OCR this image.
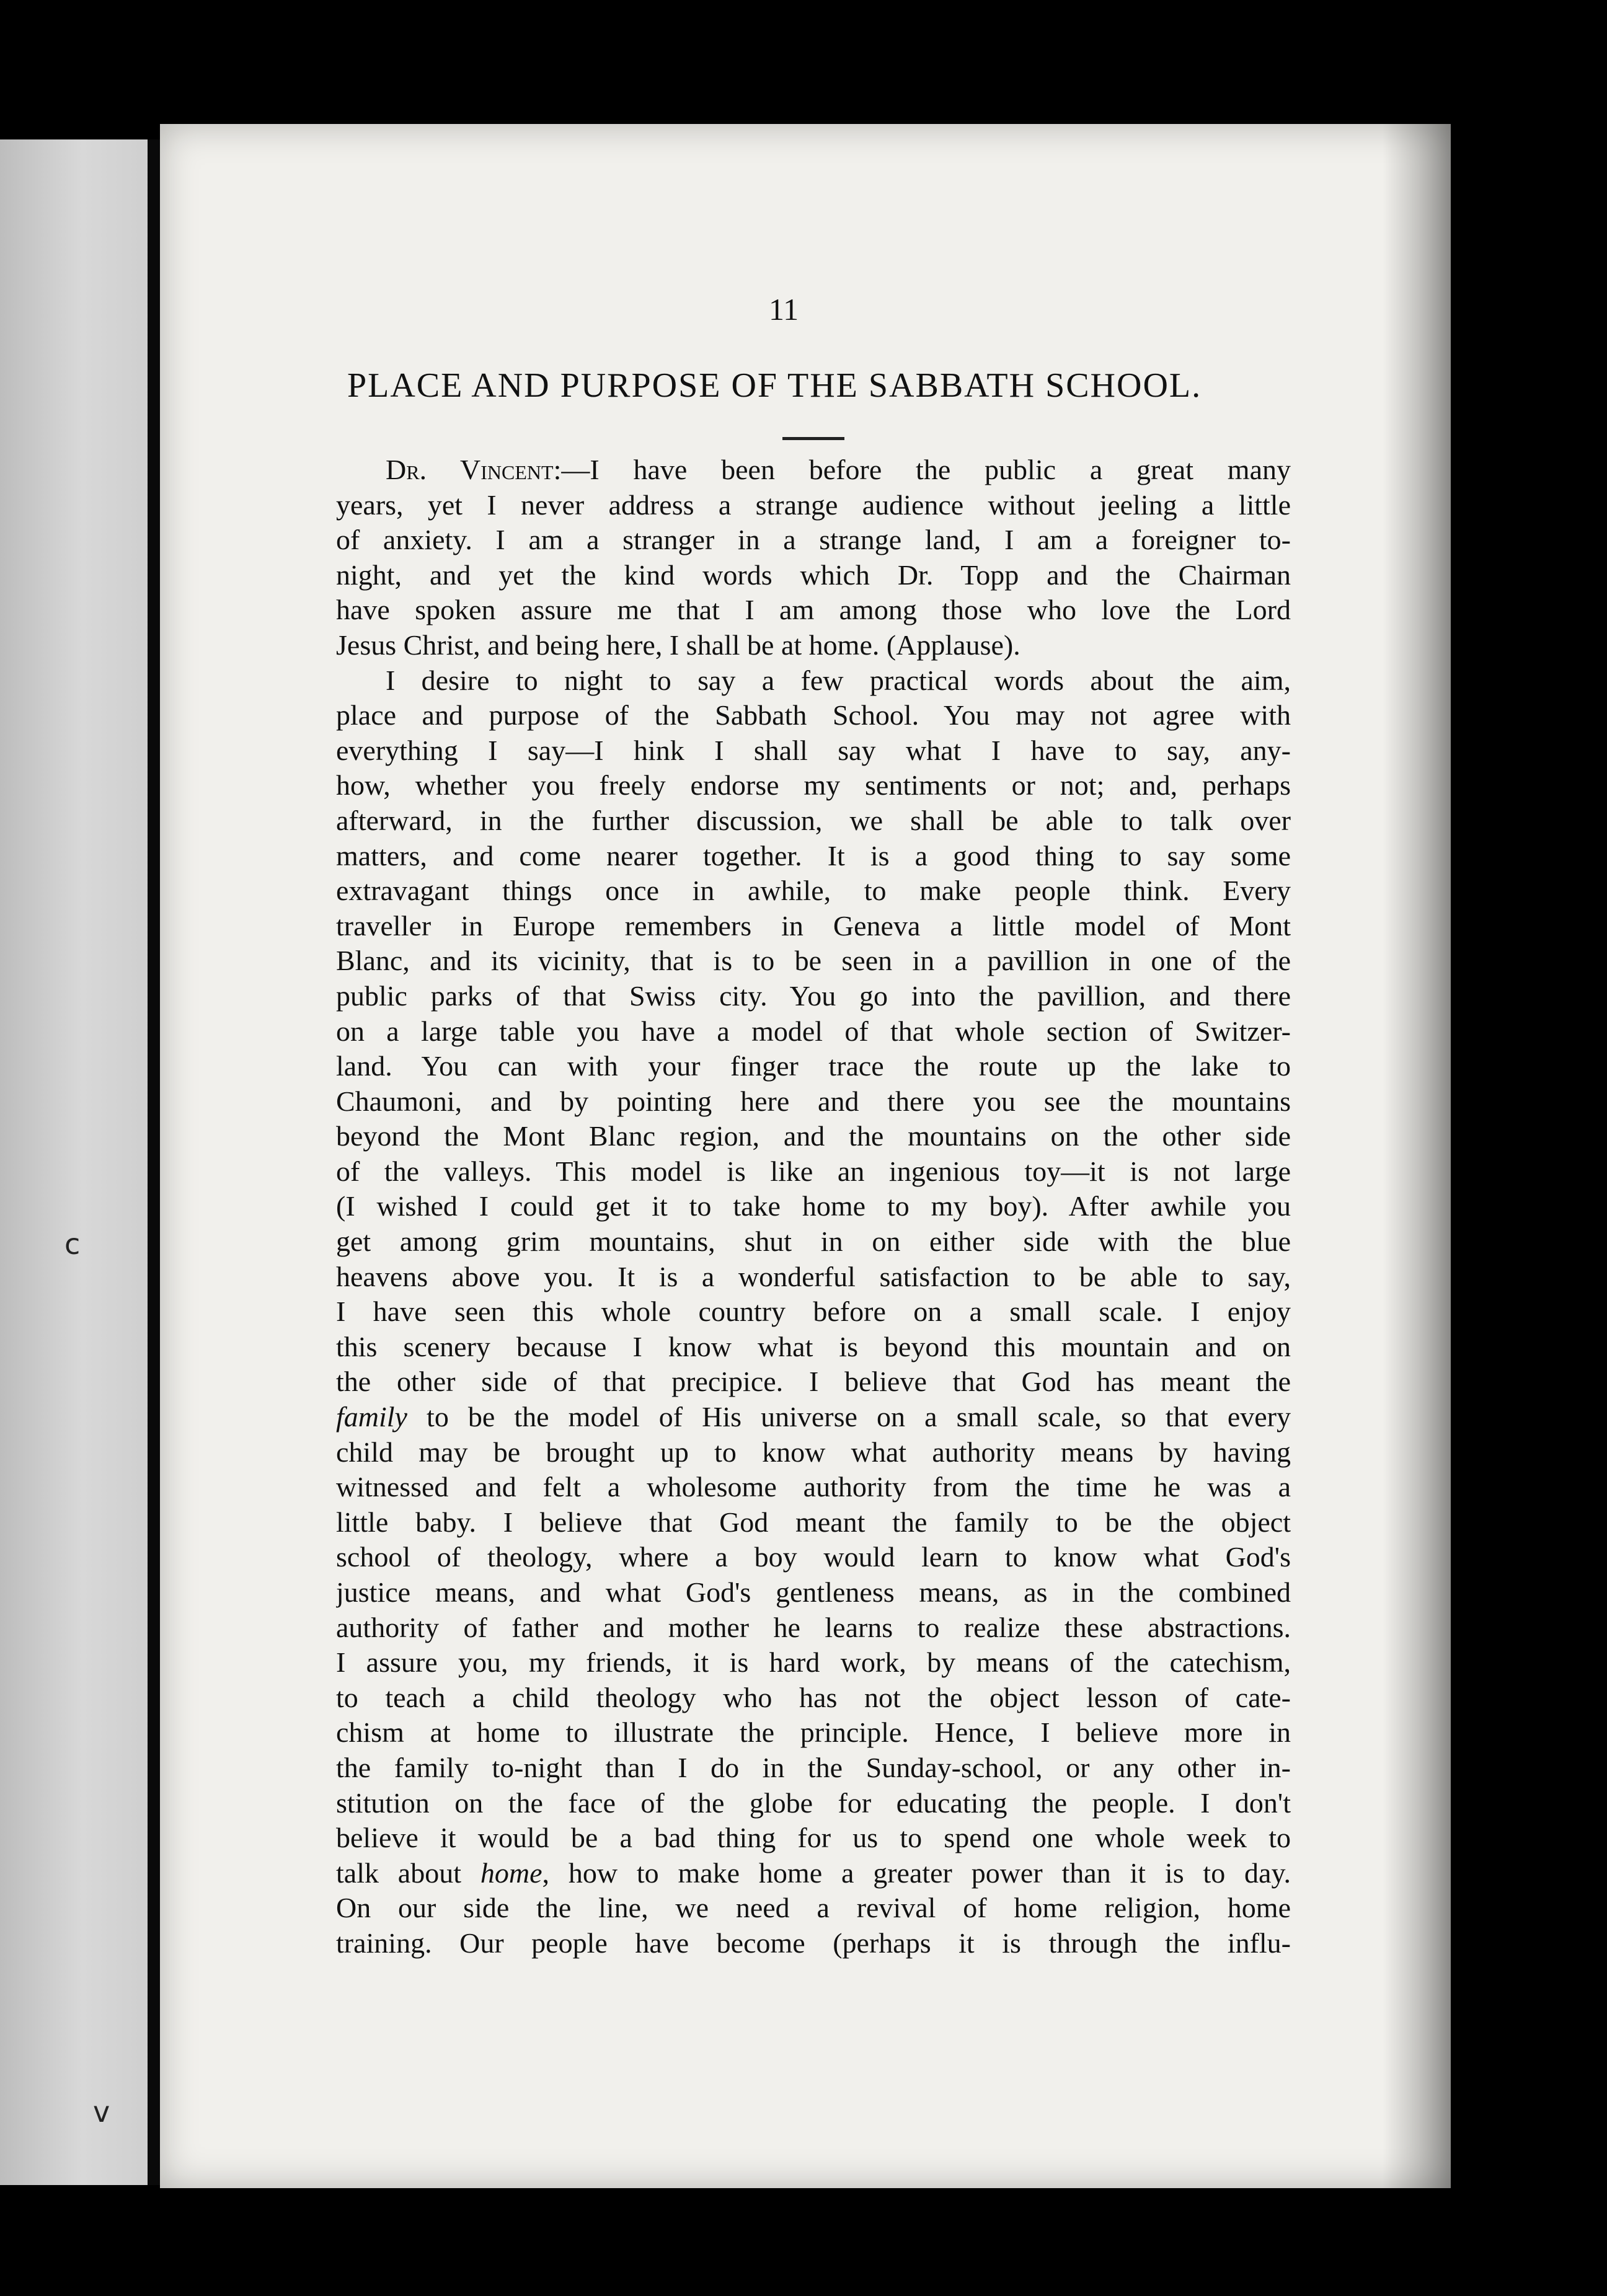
c
v
11
PLACE AND PURPOSE OF THE SABBATH SCHOOL.
Dr. Vincent:—I have been before the public a great many
years, yet I never address a strange audience without jeeling a little
of anxiety. I am a stranger in a strange land, I am a foreigner to-
night, and yet the kind words which Dr. Topp and the Chairman
have spoken assure me that I am among those who love the Lord
Jesus Christ, and being here, I shall be at home. (Applause).
I desire to night to say a few practical words about the aim,
place and purpose of the Sabbath School. You may not agree with
everything I say—I hink I shall say what I have to say, any-
how, whether you freely endorse my sentiments or not; and, perhaps
afterward, in the further discussion, we shall be able to talk over
matters, and come nearer together. It is a good thing to say some
extravagant things once in awhile, to make people think. Every
traveller in Europe remembers in Geneva a little model of Mont
Blanc, and its vicinity, that is to be seen in a pavillion in one of the
public parks of that Swiss city. You go into the pavillion, and there
on a large table you have a model of that whole section of Switzer-
land. You can with your finger trace the route up the lake to
Chaumoni, and by pointing here and there you see the mountains
beyond the Mont Blanc region, and the mountains on the other side
of the valleys. This model is like an ingenious toy—it is not large
(I wished I could get it to take home to my boy). After awhile you
get among grim mountains, shut in on either side with the blue
heavens above you. It is a wonderful satisfaction to be able to say,
I have seen this whole country before on a small scale. I enjoy
this scenery because I know what is beyond this mountain and on
the other side of that precipice. I believe that God has meant the
family to be the model of His universe on a small scale, so that every
child may be brought up to know what authority means by having
witnessed and felt a wholesome authority from the time he was a
little baby. I believe that God meant the family to be the object
school of theology, where a boy would learn to know what God's
justice means, and what God's gentleness means, as in the combined
authority of father and mother he learns to realize these abstractions.
I assure you, my friends, it is hard work, by means of the catechism,
to teach a child theology who has not the object lesson of cate-
chism at home to illustrate the principle. Hence, I believe more in
the family to-night than I do in the Sunday-school, or any other in-
stitution on the face of the globe for educating the people. I don't
believe it would be a bad thing for us to spend one whole week to
talk about home, how to make home a greater power than it is to day.
On our side the line, we need a revival of home religion, home
training. Our people have become (perhaps it is through the influ-
